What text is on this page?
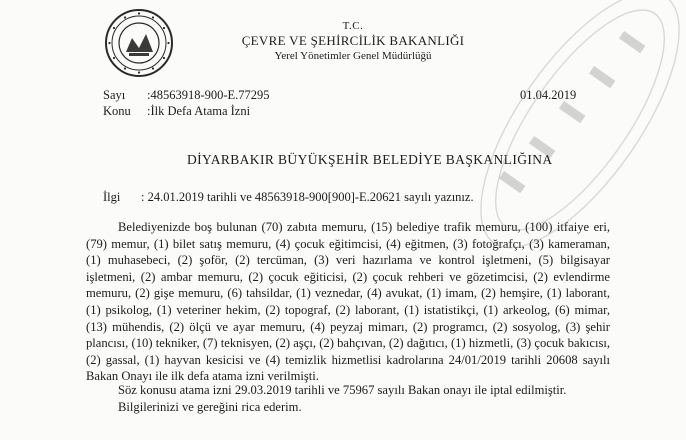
T.C.
ÇEVRE VE ŞEHİRCİLİK BAKANLIĞI
Yerel Yönetimler Genel Müdürlüğü
Sayı :48563918-900-E.77295
Konu :İlk Defa Atama İzni
01.04.2019
DİYARBAKIR BÜYÜKŞEHİR BELEDİYE BAŞKANLIĞINA
İlgi : 24.01.2019 tarihli ve 48563918-900[900]-E.20621 sayılı yazınız.

Belediyenizde boş bulunan (70) zabıta memuru, (15) belediye trafik memuru, (100) itfaiye eri, (79) memur, (1) bilet satış memuru, (4) çocuk eğitimcisi, (4) eğitmen, (3) fotoğrafçı, (3) kameraman, (1) muhasebeci, (2) şoför, (2) tercüman, (3) veri hazırlama ve kontrol işletmeni, (5) bilgisayar işletmeni, (2) ambar memuru, (2) çocuk eğiticisi, (2) çocuk rehberi ve gözetimcisi, (2) evlendirme memuru, (2) gişe memuru, (6) tahsildar, (1) veznedar, (4) avukat, (1) imam, (2) hemşire, (1) laborant, (1) psikolog, (1) veteriner hekim, (2) topograf, (2) laborant, (1) istatistikçi, (1) arkeolog, (6) mimar, (13) mühendis, (2) ölçü ve ayar memuru, (4) peyzaj mimarı, (2) programcı, (2) sosyolog, (3) şehir plancısı, (10) tekniker, (7) teknisyen, (2) aşçı, (2) bahçıvan, (2) dağıtıcı, (1) hizmetli, (3) çocuk bakıcısı, (2) gassal, (1) hayvan kesicisi ve (4) temizlik hizmetlisi kadrolarına 24/01/2019 tarihli 20608 sayılı Bakan Onayı ile ilk defa atama izni verilmişti.

Söz konusu atama izni 29.03.2019 tarihli ve 75967 sayılı Bakan onayı ile iptal edilmiştir.
Bilgilerinizi ve gereğini rica ederim.
